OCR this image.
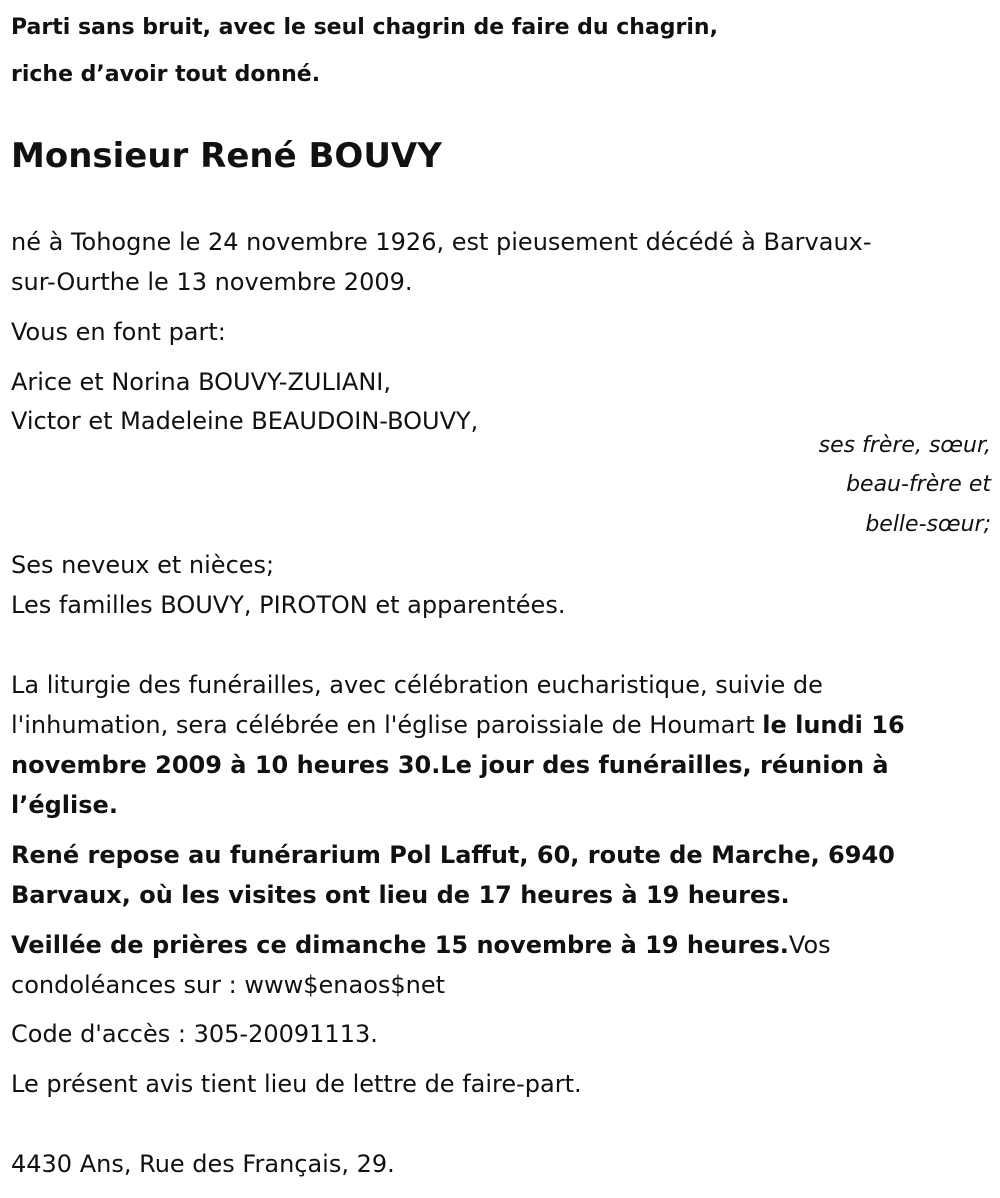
Parti sans bruit, avec le seul chagrin de faire du chagrin,
riche d’avoir tout donné.
Monsieur René BOUVY
né à Tohogne le 24 novembre 1926, est pieusement décédé à Barvaux-
sur-Ourthe le 13 novembre 2009.
Vous en font part:
Arice et Norina BOUVY-ZULIANI,
Victor et Madeleine BEAUDOIN-BOUVY,
ses frère, sœur,
beau-frère et
belle-sœur;
Ses neveux et nièces;
Les familles BOUVY, PIROTON et apparentées.
La liturgie des funérailles, avec célébration eucharistique, suivie de
l'inhumation, sera célébrée en l'église paroissiale de Houmart le lundi 16
novembre 2009 à 10 heures 30.Le jour des funérailles, réunion à
l’église.
René repose au funérarium Pol Laffut, 60, route de Marche, 6940
Barvaux, où les visites ont lieu de 17 heures à 19 heures.
Veillée de prières ce dimanche 15 novembre à 19 heures.Vos
condoléances sur : www$enaos$net
Code d'accès : 305-20091113.
Le présent avis tient lieu de lettre de faire-part.
4430 Ans, Rue des Français, 29.
